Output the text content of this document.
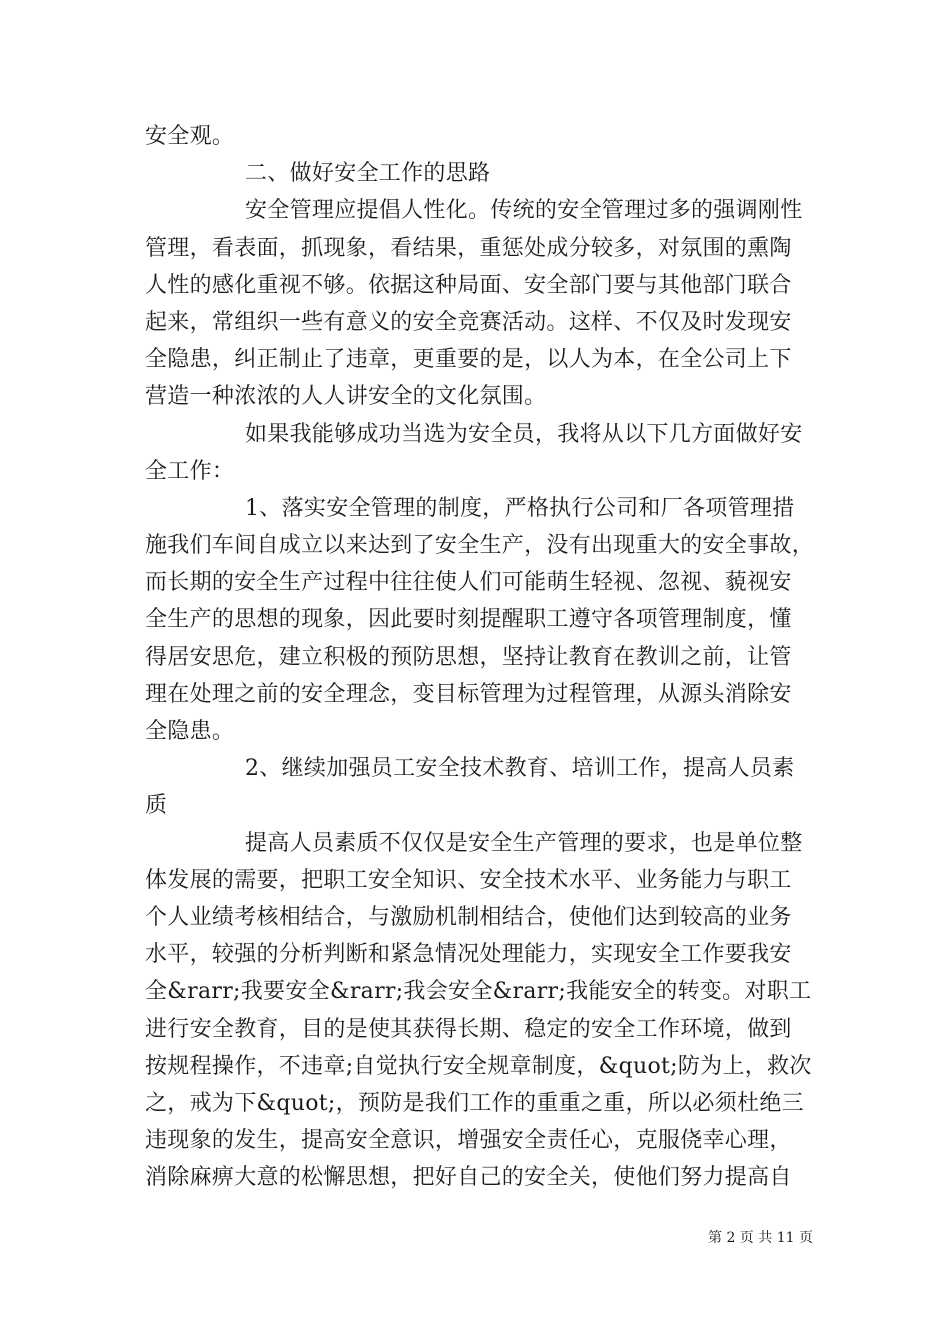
安全观。
二、做好安全工作的思路
安全管理应提倡人性化。传统的安全管理过多的强调刚性
管理，看表面，抓现象，看结果，重惩处成分较多，对氛围的熏陶
人性的感化重视不够。依据这种局面、安全部门要与其他部门联合
起来，常组织一些有意义的安全竞赛活动。这样、不仅及时发现安
全隐患，纠正制止了违章，更重要的是，以人为本，在全公司上下
营造一种浓浓的人人讲安全的文化氛围。
如果我能够成功当选为安全员，我将从以下几方面做好安
全工作：
1、落实安全管理的制度，严格执行公司和厂各项管理措
施我们车间自成立以来达到了安全生产，没有出现重大的安全事故，
而长期的安全生产过程中往往使人们可能萌生轻视、忽视、藐视安
全生产的思想的现象，因此要时刻提醒职工遵守各项管理制度，懂
得居安思危，建立积极的预防思想，坚持让教育在教训之前，让管
理在处理之前的安全理念，变目标管理为过程管理，从源头消除安
全隐患。
2、继续加强员工安全技术教育、培训工作，提高人员素
质
提高人员素质不仅仅是安全生产管理的要求，也是单位整
体发展的需要，把职工安全知识、安全技术水平、业务能力与职工
个人业绩考核相结合，与激励机制相结合，使他们达到较高的业务
水平，较强的分析判断和紧急情况处理能力，实现安全工作要我安
全&rarr;我要安全&rarr;我会安全&rarr;我能安全的转变。对职工
进行安全教育，目的是使其获得长期、稳定的安全工作环境，做到
按规程操作，不违章;自觉执行安全规章制度，&quot;防为上，救次
之，戒为下&quot;，预防是我们工作的重重之重，所以必须杜绝三
违现象的发生，提高安全意识，增强安全责任心，克服侥幸心理，
消除麻痹大意的松懈思想，把好自己的安全关，使他们努力提高自
第 2 页 共 11 页
